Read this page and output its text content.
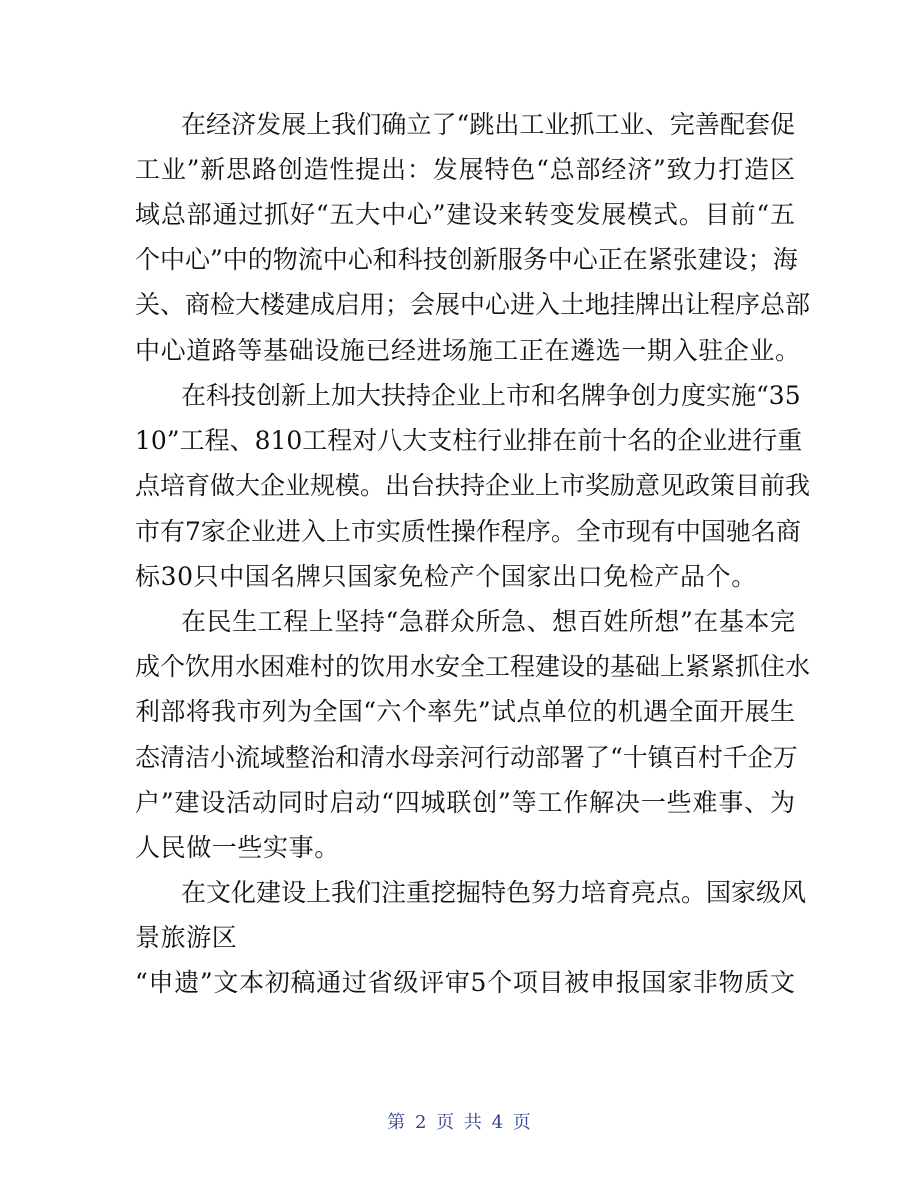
在经济发展上我们确立了“跳出工业抓工业、完善配套促
工业”新思路创造性提出：发展特色“总部经济”致力打造区
域总部通过抓好“五大中心”建设来转变发展模式。目前“五
个中心”中的物流中心和科技创新服务中心正在紧张建设；海
关、商检大楼建成启用；会展中心进入土地挂牌出让程序总部
中心道路等基础设施已经进场施工正在遴选一期入驻企业。
在科技创新上加大扶持企业上市和名牌争创力度实施“35
10”工程、810工程对八大支柱行业排在前十名的企业进行重
点培育做大企业规模。出台扶持企业上市奖励意见政策目前我
市有7家企业进入上市实质性操作程序。全市现有中国驰名商
标30只中国名牌只国家免检产个国家出口免检产品个。
在民生工程上坚持“急群众所急、想百姓所想”在基本完
成个饮用水困难村的饮用水安全工程建设的基础上紧紧抓住水
利部将我市列为全国“六个率先”试点单位的机遇全面开展生
态清洁小流域整治和清水母亲河行动部署了“十镇百村千企万
户”建设活动同时启动“四城联创”等工作解决一些难事、为
人民做一些实事。
在文化建设上我们注重挖掘特色努力培育亮点。国家级风
景旅游区
“申遗”文本初稿通过省级评审5个项目被申报国家非物质文
第 2 页 共 4 页
